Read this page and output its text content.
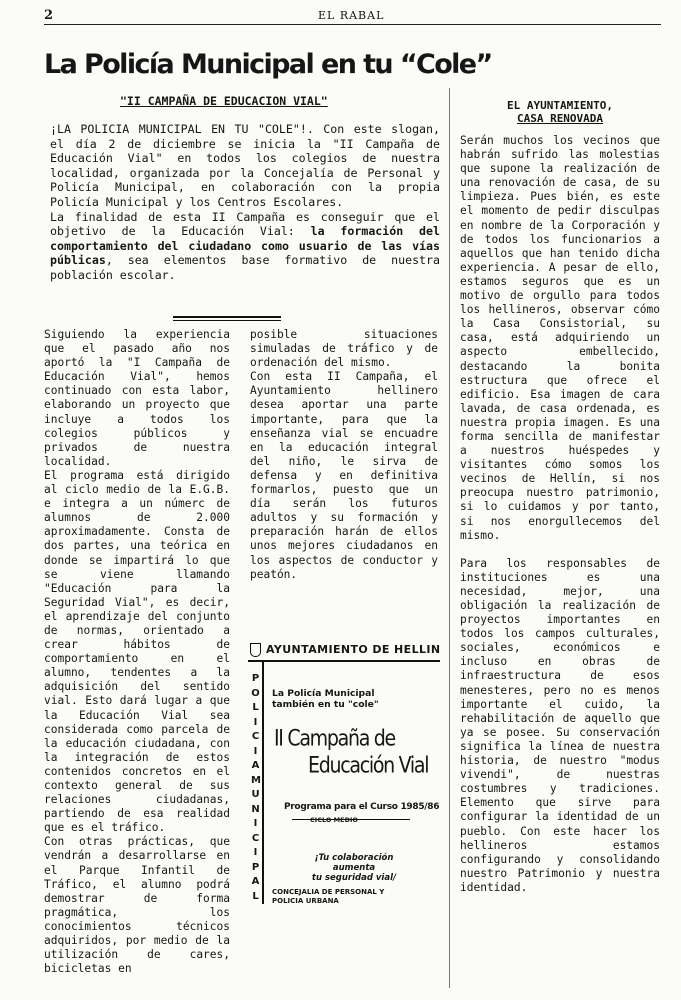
2	EL RABAL
La Policía Municipal en tu “Cole”
"II CAMPAÑA DE EDUCACION VIAL"

¡LA POLICIA MUNICIPAL EN TU "COLE"!. Con este slogan, el día 2 de diciembre se inicia la "II Campaña de Educación Vial" en todos los colegios de nuestra localidad, organizada por la Concejalía de Personal y Policía Municipal, en colaboración con la propia Policía Municipal y los Centros Escolares.

La finalidad de esta II Campaña es conseguir que el objetivo de la Educación Vial: la formación del comportamiento del ciudadano como usuario de las vías públicas, sea elementos base formativo de nuestra población escolar.

Siguiendo la experiencia que el pasado año nos aportó la "I Campaña de Educación Vial", hemos continuado con esta labor, elaborando un proyecto que incluye a todos los colegios públicos y privados de nuestra localidad.

El programa está dirigido al ciclo medio de la E.G.B. e integra a un númerc de alumnos de 2.000 aproximadamente. Consta de dos partes, una teórica en donde se impartirá lo que se viene llamando "Educación para la Seguridad Vial", es decir, el aprendizaje del conjunto de normas, orientado a crear hábitos de comportamiento en el alumno, tendentes a la adquisición del sentido vial. Esto dará lugar a que la Educación Vial sea considerada como parcela de la educación ciudadana, con la integración de estos contenidos concretos en el contexto general de sus relaciones ciudadanas, partiendo de esa realidad que es el tráfico.

Con otras prácticas, que vendrán a desarrollarse en el Parque Infantil de Tráfico, el alumno podrá demostrar de forma pragmática, los conocimientos técnicos adquiridos, por medio de la utilización de cares, bicicletas en

posible situaciones simuladas de tráfico y de ordenación del mismo.

Con esta II Campaña, el Ayuntamiento hellinero desea aportar una parte importante, para que la enseñanza vial se encuadre en la educación integral del niño, le sirva de defensa y en definitiva formarlos, puesto que un día serán los futuros adultos y su formación y preparación harán de ellos unos mejores ciudadanos en los aspectos de conductor y peatón.

AYUNTAMIENTO DE HELLIN
P
O
L
I
C
I
A
M
U
N
I
C
I
P
A
L
La Policía Municipal
también en tu "cole"
II Campaña de
Educación Vial
Programa para el Curso 1985/86
CICLO MEDIO
¡Tu colaboración
aumenta
tu seguridad vial/
CONCEJALIA DE PERSONAL Y
POLICIA URBANA
EL AYUNTAMIENTO,
CASA RENOVADA

Serán muchos los vecinos que habrán sufrido las molestias que supone la realización de una renovación de casa, de su limpieza. Pues bién, es este el momento de pedir disculpas en nombre de la Corporación y de todos los funcionarios a aquellos que han tenido dicha experiencia. A pesar de ello, estamos seguros que es un motivo de orgullo para todos los hellineros, observar cómo la Casa Consistorial, su casa, está adquiriendo un aspecto embellecido, destacando la bonita estructura que ofrece el edificio. Esa imagen de cara lavada, de casa ordenada, es nuestra propia imagen. Es una forma sencilla de manifestar a nuestros huéspedes y visitantes cómo somos los vecinos de Hellín, si nos preocupa nuestro patrimonio, si lo cuidamos y por tanto, si nos enorgullecemos del mismo.

Para los responsables de instituciones es una necesidad, mejor, una obligación la realización de proyectos importantes en todos los campos culturales, sociales, económicos e incluso en obras de infraestructura de esos menesteres, pero no es menos importante el cuido, la rehabilitación de aquello que ya se posee. Su conservación significa la línea de nuestra historia, de nuestro "modus vivendi", de nuestras costumbres y tradiciones. Elemento que sirve para configurar la identidad de un pueblo. Con este hacer los hellineros estamos configurando y consolidando nuestro Patrimonio y nuestra identidad.
